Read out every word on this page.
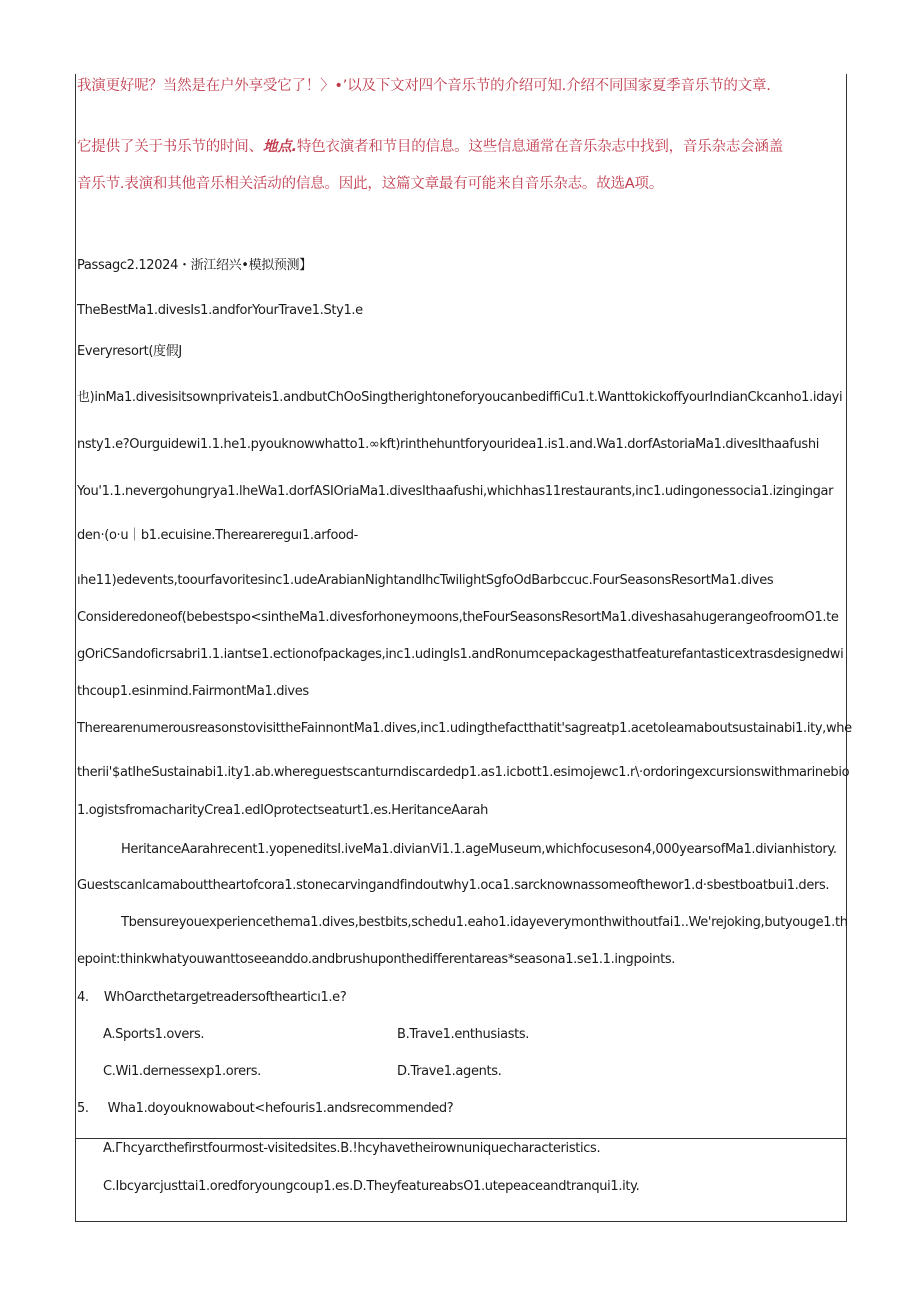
我演更好呢？当然是在户外享受它了！〉•’以及下文对四个音乐节的介绍可知.介绍不同国家夏季音乐节的文章.
它提供了关于书乐节的时间、地点.特色衣演者和节目的信息。这些信息通常在音乐杂志中找到，音乐杂志会涵盖
音乐节.表演和其他音乐相关活动的信息。因此，这篇文章最有可能来自音乐杂志。故选A项。
Passagc2.12024・浙江绍兴•模拟预测】
TheBestMa1.divesIs1.andforYourTrave1.Sty1.e
Everyresort(度假J
也)inMa1.divesisitsownprivateis1.andbutChOoSingtherightoneforyoucanbediffiCu1.t.WanttokickoffyourIndianCkcanho1.idayi
nsty1.e?Ourguidewi1.1.he1.pyouknowwhatto1.∞kft)rinthehuntforyouridea1.is1.and.Wa1.dorfAstoriaMa1.divesIthaafushi
You'1.1.nevergohungrya1.lheWa1.dorfASIOriaMa1.divesIthaafushi,whichhas11restaurants,inc1.udingonessocia1.izingingar
den·(o·u｜b1.ecuisine.Therearereguı1.arfood-
ıhe11)edevents,toourfavoritesinc1.udeArabianNightandIhcTwilightSgfoOdBarbccuc.FourSeasonsResortMa1.dives
Consideredoneof(bebestspo<sintheMa1.divesforhoneymoons,theFourSeasonsResortMa1.diveshasahugerangeofroomO1.te
gOriCSandoficrsabri1.1.iantse1.ectionofpackages,inc1.udingIs1.andRonumcepackagesthatfeaturefantasticextrasdesignedwi
thcoup1.esinmind.FairmontMa1.dives
TherearenumerousreasonstovisittheFainnontMa1.dives,inc1.udingthefactthatit'sagreatp1.acetoIeamaboutsustainabi1.ity,whe
therii'$atIheSustainabi1.ity1.ab.whereguestscanturndiscardedp1.as1.icbott1.esimojewc1.r\·ordoringexcursionswithmarinebio
1.ogistsfromacharityCrea1.edIOprotectseaturt1.es.HeritanceAarah
HeritanceAarahrecent1.yopeneditsI.iveMa1.divianVi1.1.ageMuseum,whichfocuseson4,000yearsofMa1.divianhistory.
Guestscanlcamabouttheartofcora1.stonecarvingandfindoutwhy1.oca1.sarcknownassomeofthewor1.d·sbestboatbui1.ders.
Tbensureyouexperiencethema1.dives,bestbits,schedu1.eaho1.idayeverymonthwithoutfai1..We'rejoking,butyouge1.th
epoint:thinkwhatyouwanttoseeanddo.andbrushuponthedifferentareas*seasona1.se1.1.ingpoints.
4. WhOarcthetargetreadersofthearticı1.e?
A.Sports1.overs.	B.Trave1.enthusiasts.
C.Wi1.dernessexp1.orers.	D.Trave1.agents.
5. Wha1.doyouknowabout<hefouris1.andsrecommended?
A.Гhcyarcthefirstfourmost-visitedsites.B.!hcyhavetheirownuniquecharacteristics.
C.Ibcyarcjusttai1.oredforyoungcoup1.es.D.TheyfeatureabsO1.utepeaceandtranqui1.ity.
